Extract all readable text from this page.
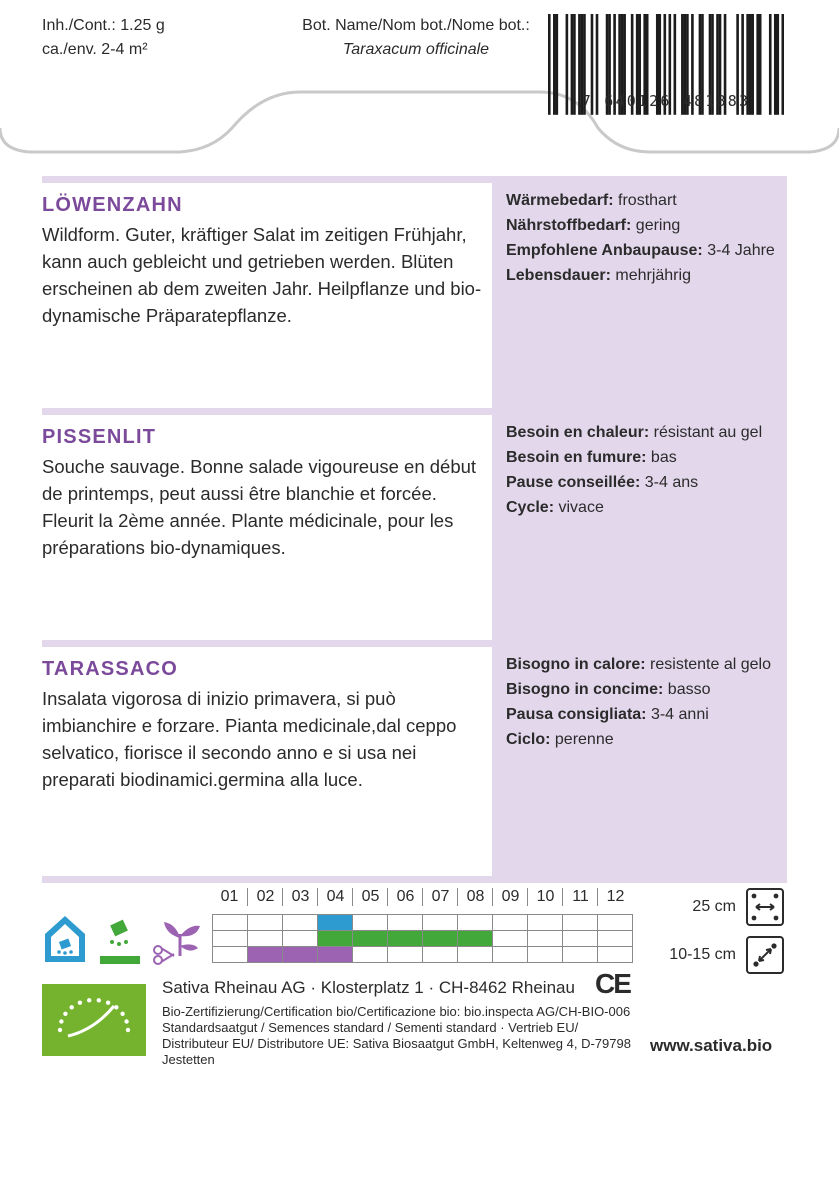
Inh./Cont.: 1.25 g
ca./env. 2-4 m²
Bot. Name/Nom bot./Nome bot.:
Taraxacum officinale
7 640126 481883
LÖWENZAHN

Wildform. Guter, kräftiger Salat im zeitigen Frühjahr, kann auch gebleicht und getrieben werden. Blüten erscheinen ab dem zweiten Jahr. Heilpflanze und bio-dynamische Präparatepflanze.

Wärmebedarf: frosthart
Nährstoffbedarf: gering
Empfohlene Anbaupause: 3-4 Jahre
Lebensdauer: mehrjährig
PISSENLIT

Souche sauvage. Bonne salade vigoureuse en début de printemps, peut aussi être blanchie et forcée. Fleurit la 2ème année. Plante médicinale, pour les préparations bio-dynamiques.

Besoin en chaleur: résistant au gel
Besoin en fumure: bas
Pause conseillée: 3-4 ans
Cycle: vivace
TARASSACO

Insalata vigorosa di inizio primavera, si può imbianchire e forzare. Pianta medicinale,dal ceppo selvatico, fiorisce il secondo anno e si usa nei preparati biodinamici.germina alla luce.

Bisogno in calore: resistente al gelo
Bisogno in concime: basso
Pausa consigliata: 3-4 anni
Ciclo: perenne
01	02	03	04	05	06	07	08	09	10	11	12
25 cm
10-15 cm
CE
Sativa Rheinau AG · Klosterplatz 1 · CH-8462 Rheinau
Bio-Zertifizierung/Certification bio/Certificazione bio: bio.inspecta AG/CH-BIO-006
Standardsaatgut / Semences standard / Sementi standard · Vertrieb EU/ Distributeur EU/ Distributore UE: Sativa Biosaatgut GmbH, Keltenweg 4, D-79798 Jestetten
www.sativa.bio
